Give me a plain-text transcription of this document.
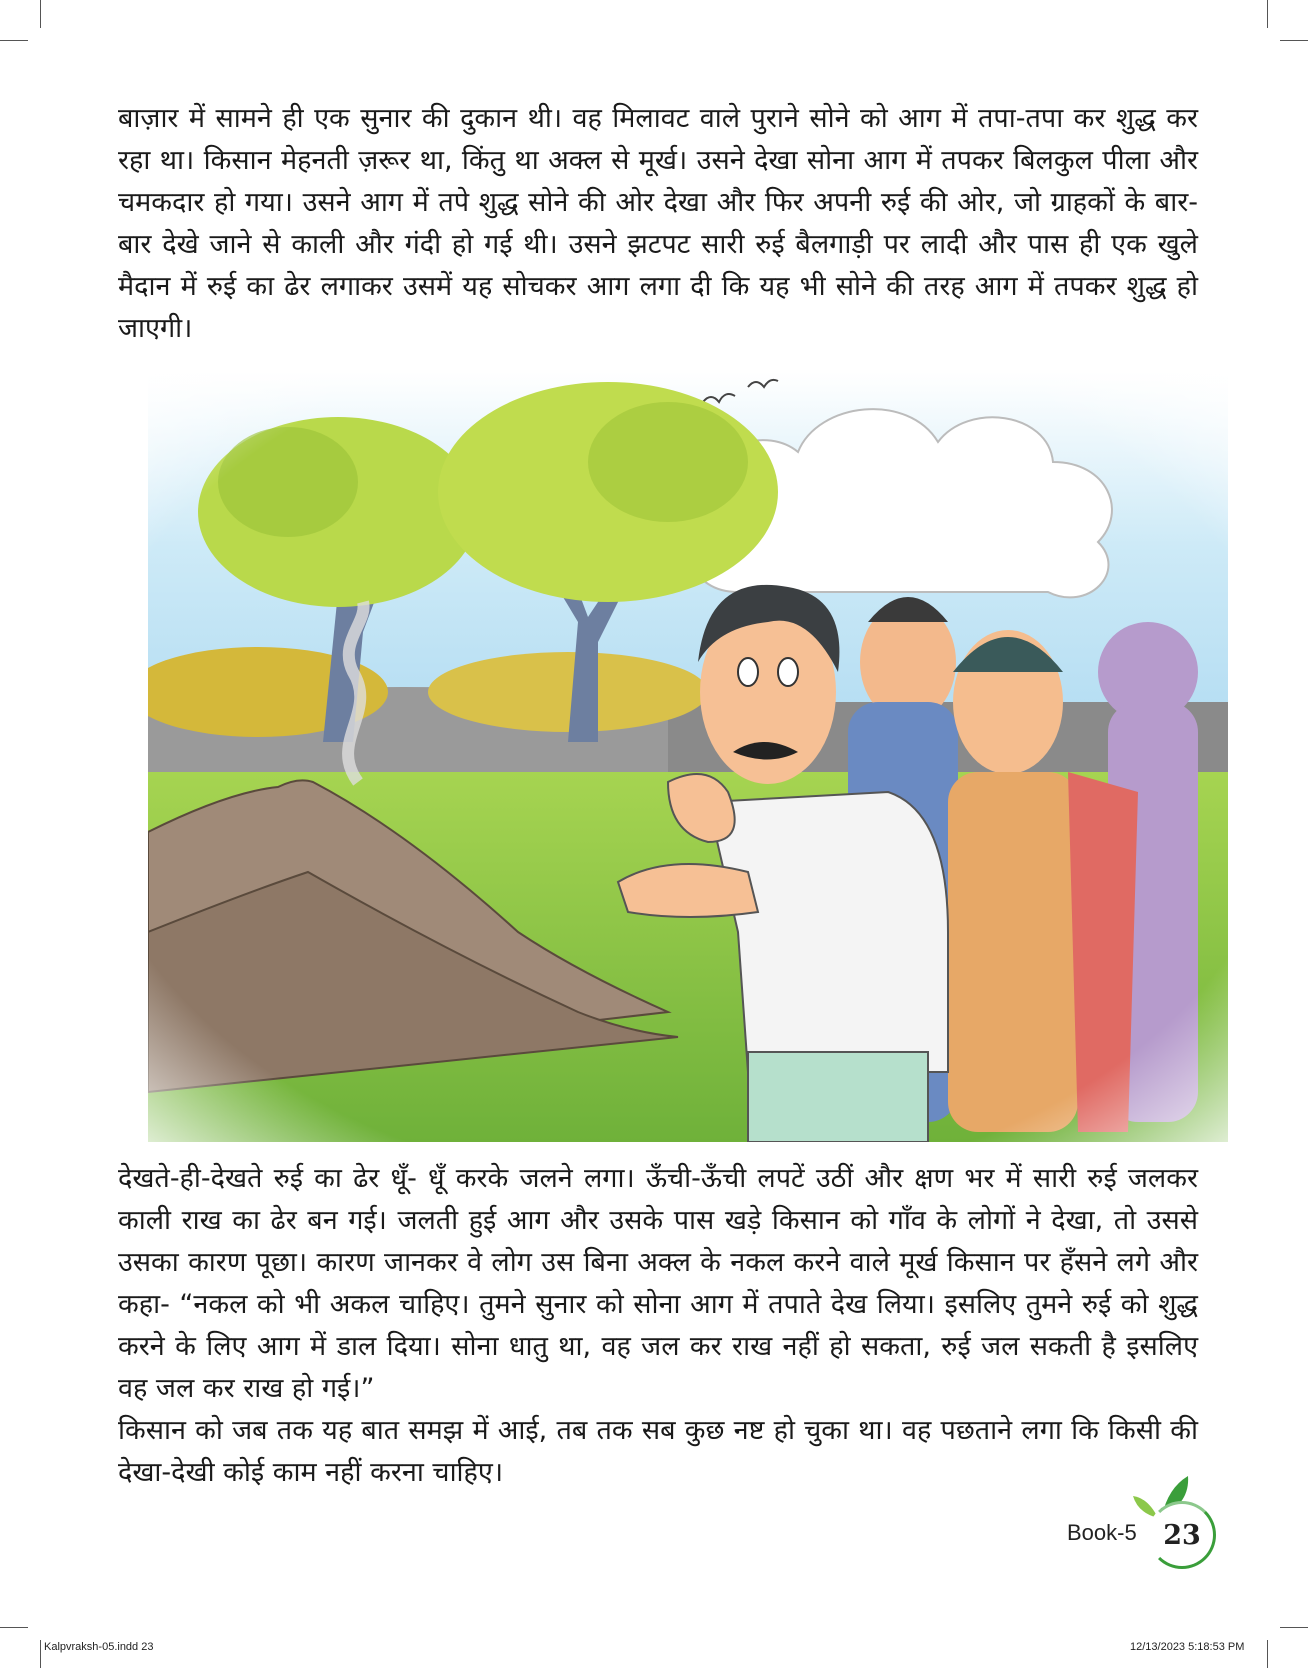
बाज़ार में सामने ही एक सुनार की दुकान थी। वह मिलावट वाले पुराने सोने को आग में तपा-तपा कर शुद्ध कर रहा था। किसान मेहनती ज़रूर था, किंतु था अक्ल से मूर्ख। उसने देखा सोना आग में तपकर बिलकुल पीला और चमकदार हो गया। उसने आग में तपे शुद्ध सोने की ओर देखा और फिर अपनी रुई की ओर, जो ग्राहकों के बार-बार देखे जाने से काली और गंदी हो गई थी। उसने झटपट सारी रुई बैलगाड़ी पर लादी और पास ही एक खुले मैदान में रुई का ढेर लगाकर उसमें यह सोचकर आग लगा दी कि यह भी सोने की तरह आग में तपकर शुद्ध हो जाएगी।

देखते-ही-देखते रुई का ढेर धूँ- धूँ करके जलने लगा। ऊँची-ऊँची लपटें उठीं और क्षण भर में सारी रुई जलकर काली राख का ढेर बन गई। जलती हुई आग और उसके पास खड़े किसान को गाँव के लोगों ने देखा, तो उससे उसका कारण पूछा। कारण जानकर वे लोग उस बिना अक्ल के नकल करने वाले मूर्ख किसान पर हँसने लगे और कहा- “नकल को भी अकल चाहिए। तुमने सुनार को सोना आग में तपाते देख लिया। इसलिए तुमने रुई को शुद्ध करने के लिए आग में डाल दिया। सोना धातु था, वह जल कर राख नहीं हो सकता, रुई जल सकती है इसलिए वह जल कर राख हो गई।”

किसान को जब तक यह बात समझ में आई, तब तक सब कुछ नष्ट हो चुका था। वह पछताने लगा कि किसी की देखा-देखी कोई काम नहीं करना चाहिए।

Book-5 23
Kalpvraksh-05.indd 23	12/13/2023 5:18:53 PM
